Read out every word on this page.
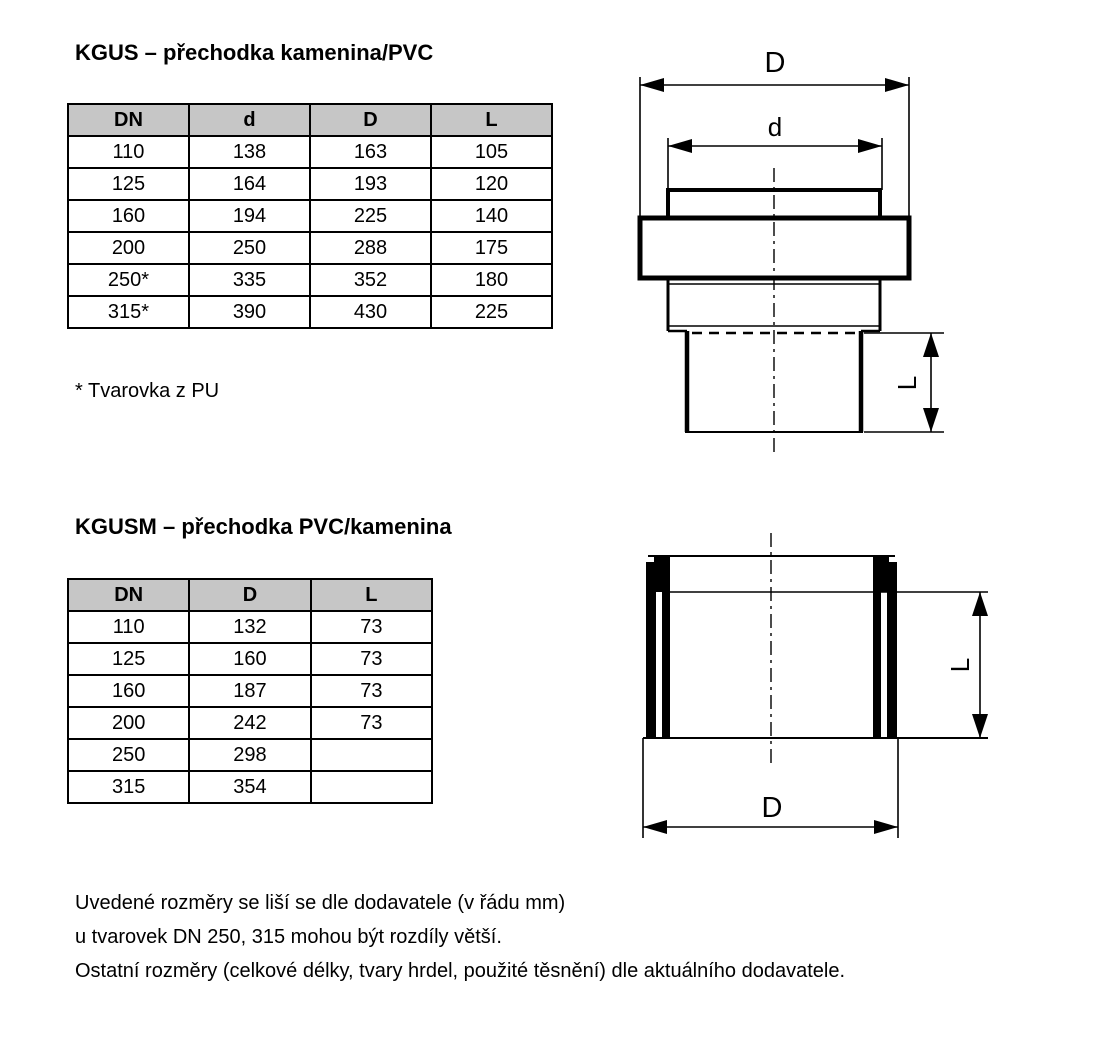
KGUS – přechodka kamenina/PVC
DN	d	D	L
110	138	163	105
125	164	193	120
160	194	225	140
200	250	288	175
250*	335	352	180
315*	390	430	225
* Tvarovka z PU
KGUSM – přechodka PVC/kamenina
DN	D	L
110	132	73
125	160	73
160	187	73
200	242	73
250	298	
315	354	
Uvedené rozměry se liší se dle dodavatele (v řádu mm)
u tvarovek DN 250, 315 mohou být rozdíly větší.
Ostatní rozměry (celkové délky, tvary hrdel, použité těsnění) dle aktuálního dodavatele.
D
d
L
L
D
